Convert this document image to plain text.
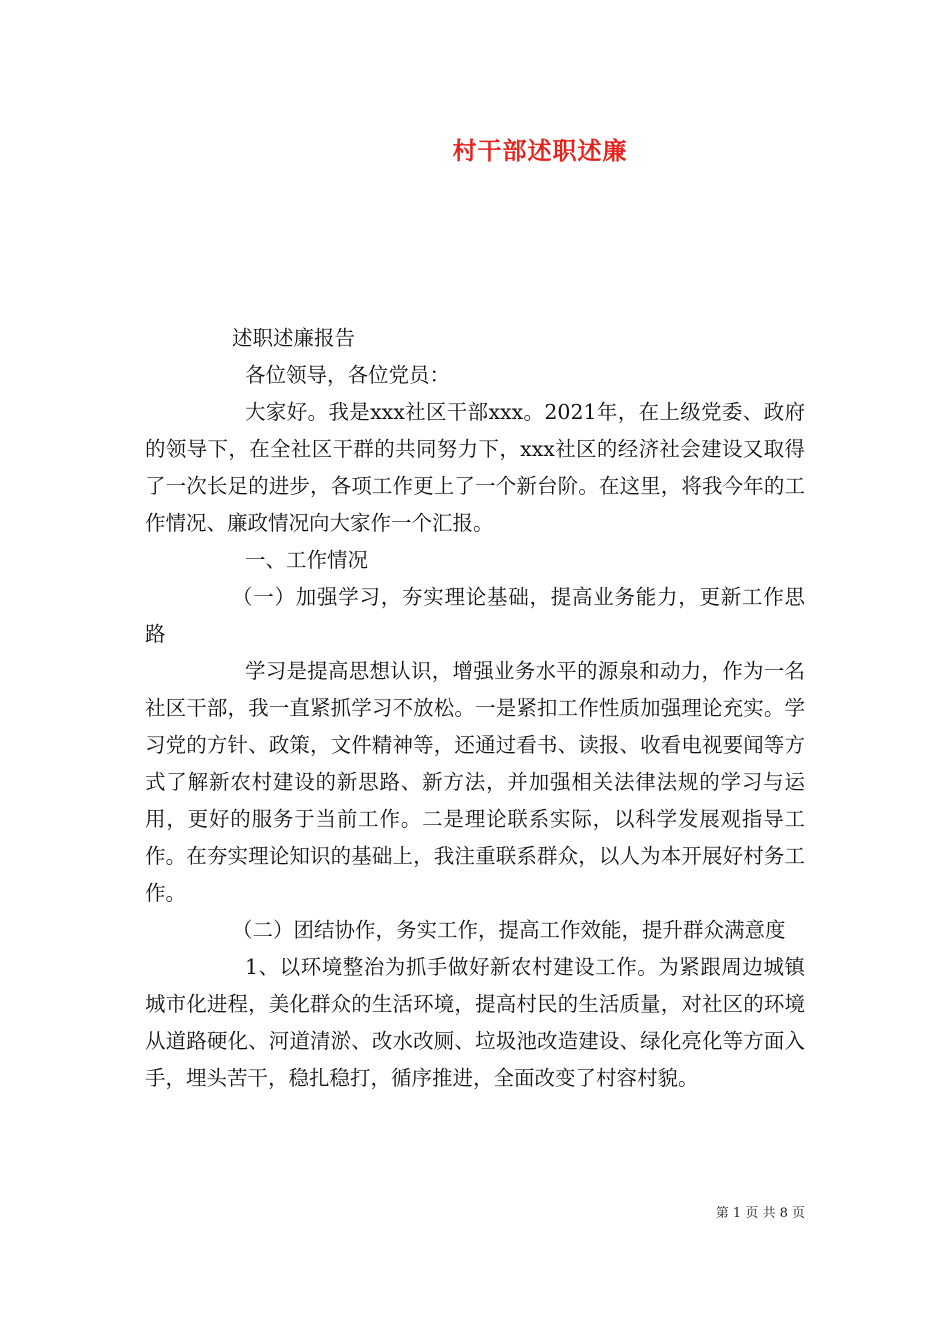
村干部述职述廉

述职述廉报告

各位领导，各位党员：

大家好。我是xxx社区干部xxx。2021年，在上级党委、政府的领导下，在全社区干群的共同努力下，xxx社区的经济社会建设又取得了一次长足的进步，各项工作更上了一个新台阶。在这里，将我今年的工作情况、廉政情况向大家作一个汇报。

一、工作情况

（一）加强学习，夯实理论基础，提高业务能力，更新工作思路

学习是提高思想认识，增强业务水平的源泉和动力，作为一名社区干部，我一直紧抓学习不放松。一是紧扣工作性质加强理论充实。学习党的方针、政策，文件精神等，还通过看书、读报、收看电视要闻等方式了解新农村建设的新思路、新方法，并加强相关法律法规的学习与运用，更好的服务于当前工作。二是理论联系实际，以科学发展观指导工作。在夯实理论知识的基础上，我注重联系群众，以人为本开展好村务工作。

（二）团结协作，务实工作，提高工作效能，提升群众满意度

1、以环境整治为抓手做好新农村建设工作。为紧跟周边城镇城市化进程，美化群众的生活环境，提高村民的生活质量，对社区的环境从道路硬化、河道清淤、改水改厕、垃圾池改造建设、绿化亮化等方面入手，埋头苦干，稳扎稳打，循序推进，全面改变了村容村貌。

第 1 页 共 8 页
